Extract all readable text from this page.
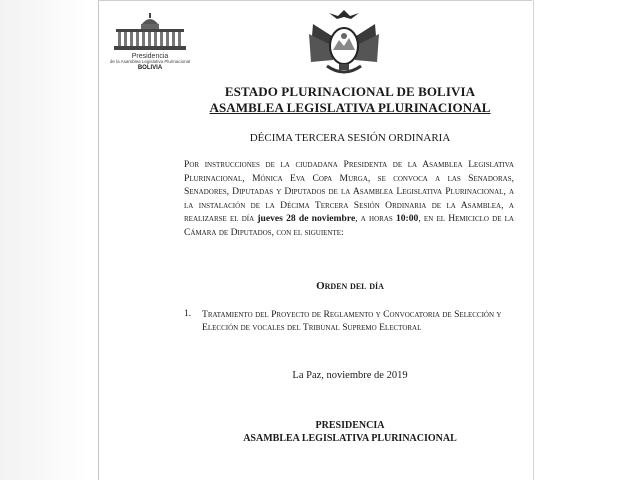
Presidencia
de la Asamblea Legislativa Plurinacional
BOLIVIA
ESTADO PLURINACIONAL DE BOLIVIA
ASAMBLEA LEGISLATIVA PLURINACIONAL
DÉCIMA TERCERA SESIÓN ORDINARIA
Por instrucciones de la ciudadana Presidenta de la Asamblea Legislativa Plurinacional, Mónica Eva Copa Murga, se convoca a las Senadoras, Senadores, Diputadas y Diputados de la Asamblea Legislativa Plurinacional, a la instalación de la Décima Tercera Sesión Ordinaria de la Asamblea, a realizarse el día jueves 28 de noviembre, a horas 10:00, en el Hemiciclo de la Cámara de Diputados, con el siguiente:
Orden del día
1. Tratamiento del Proyecto de Reglamento y Convocatoria de Selección y Elección de vocales del Tribunal Supremo Electoral
La Paz, noviembre de 2019
PRESIDENCIA
ASAMBLEA LEGISLATIVA PLURINACIONAL
